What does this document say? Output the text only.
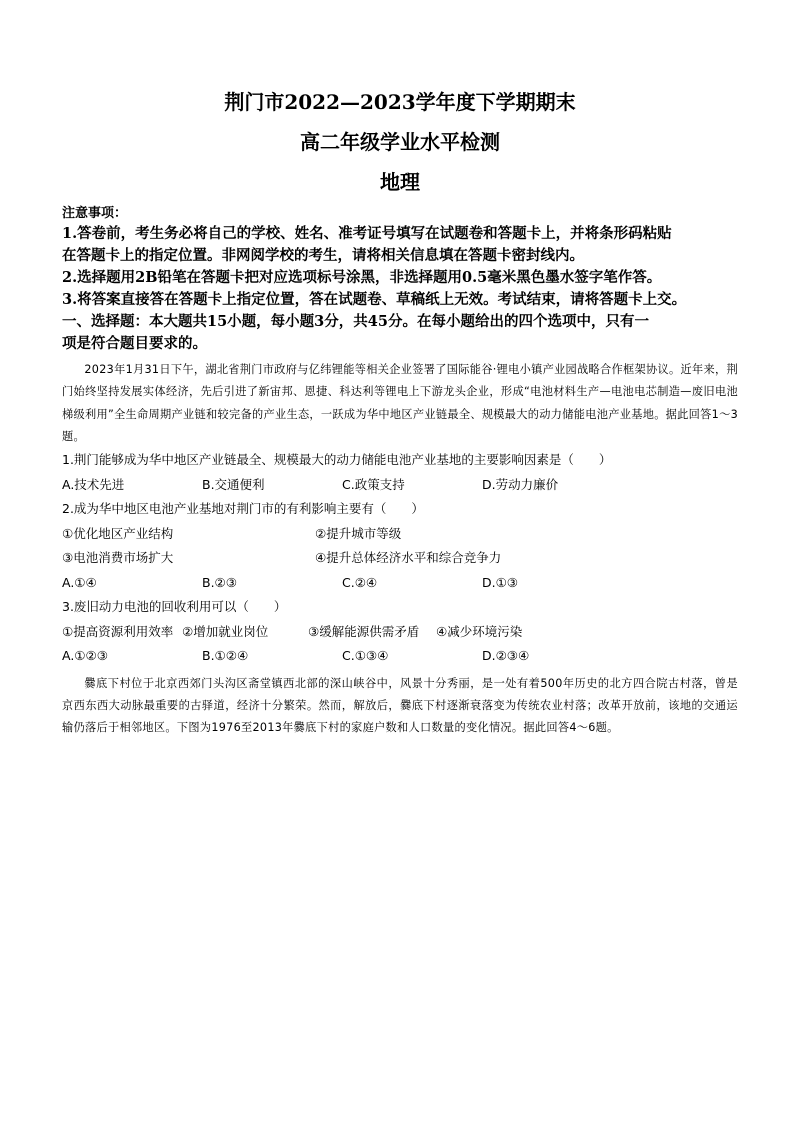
荆门市2022—2023学年度下学期期末
高二年级学业水平检测
地理
注意事项：

1.答卷前，考生务必将自己的学校、姓名、准考证号填写在试题卷和答题卡上，并将条形码粘贴

在答题卡上的指定位置。非网阅学校的考生，请将相关信息填在答题卡密封线内。

2.选择题用2B铅笔在答题卡把对应选项标号涂黑，非选择题用0.5毫米黑色墨水签字笔作答。

3.将答案直接答在答题卡上指定位置，答在试题卷、草稿纸上无效。考试结束，请将答题卡上交。

一、选择题：本大题共15小题，每小题3分，共45分。在每小题给出的四个选项中，只有一

项是符合题目要求的。

2023年1月31日下午，湖北省荆门市政府与亿纬锂能等相关企业签署了国际能谷·锂电小镇产业园战略合作框架协议。近年来，荆门始终坚持发展实体经济，先后引进了新宙邦、恩捷、科达利等锂电上下游龙头企业，形成“电池材料生产—电池电芯制造—废旧电池梯级利用”全生命周期产业链和较完备的产业生态，一跃成为华中地区产业链最全、规模最大的动力储能电池产业基地。据此回答1～3题。

1.荆门能够成为华中地区产业链最全、规模最大的动力储能电池产业基地的主要影响因素是（　　）

A.技术先进	B.交通便利	C.政策支持	D.劳动力廉价

2.成为华中地区电池产业基地对荆门市的有利影响主要有（　　）

①优化地区产业结构	②提升城市等级
③电池消费市场扩大	④提升总体经济水平和综合竞争力
A.①④	B.②③	C.②④	D.①③

3.废旧动力电池的回收利用可以（　　）

①提高资源利用效率 ②增加就业岗位	③缓解能源供需矛盾	④减少环境污染
A.①②③	B.①②④	C.①③④	D.②③④

爨底下村位于北京西郊门头沟区斋堂镇西北部的深山峡谷中，风景十分秀丽，是一处有着500年历史的北方四合院古村落，曾是京西东西大动脉最重要的古驿道，经济十分繁荣。然而，解放后，爨底下村逐渐衰落变为传统农业村落；改革开放前，该地的交通运输仍落后于相邻地区。下图为1976至2013年爨底下村的家庭户数和人口数量的变化情况。据此回答4～6题。
